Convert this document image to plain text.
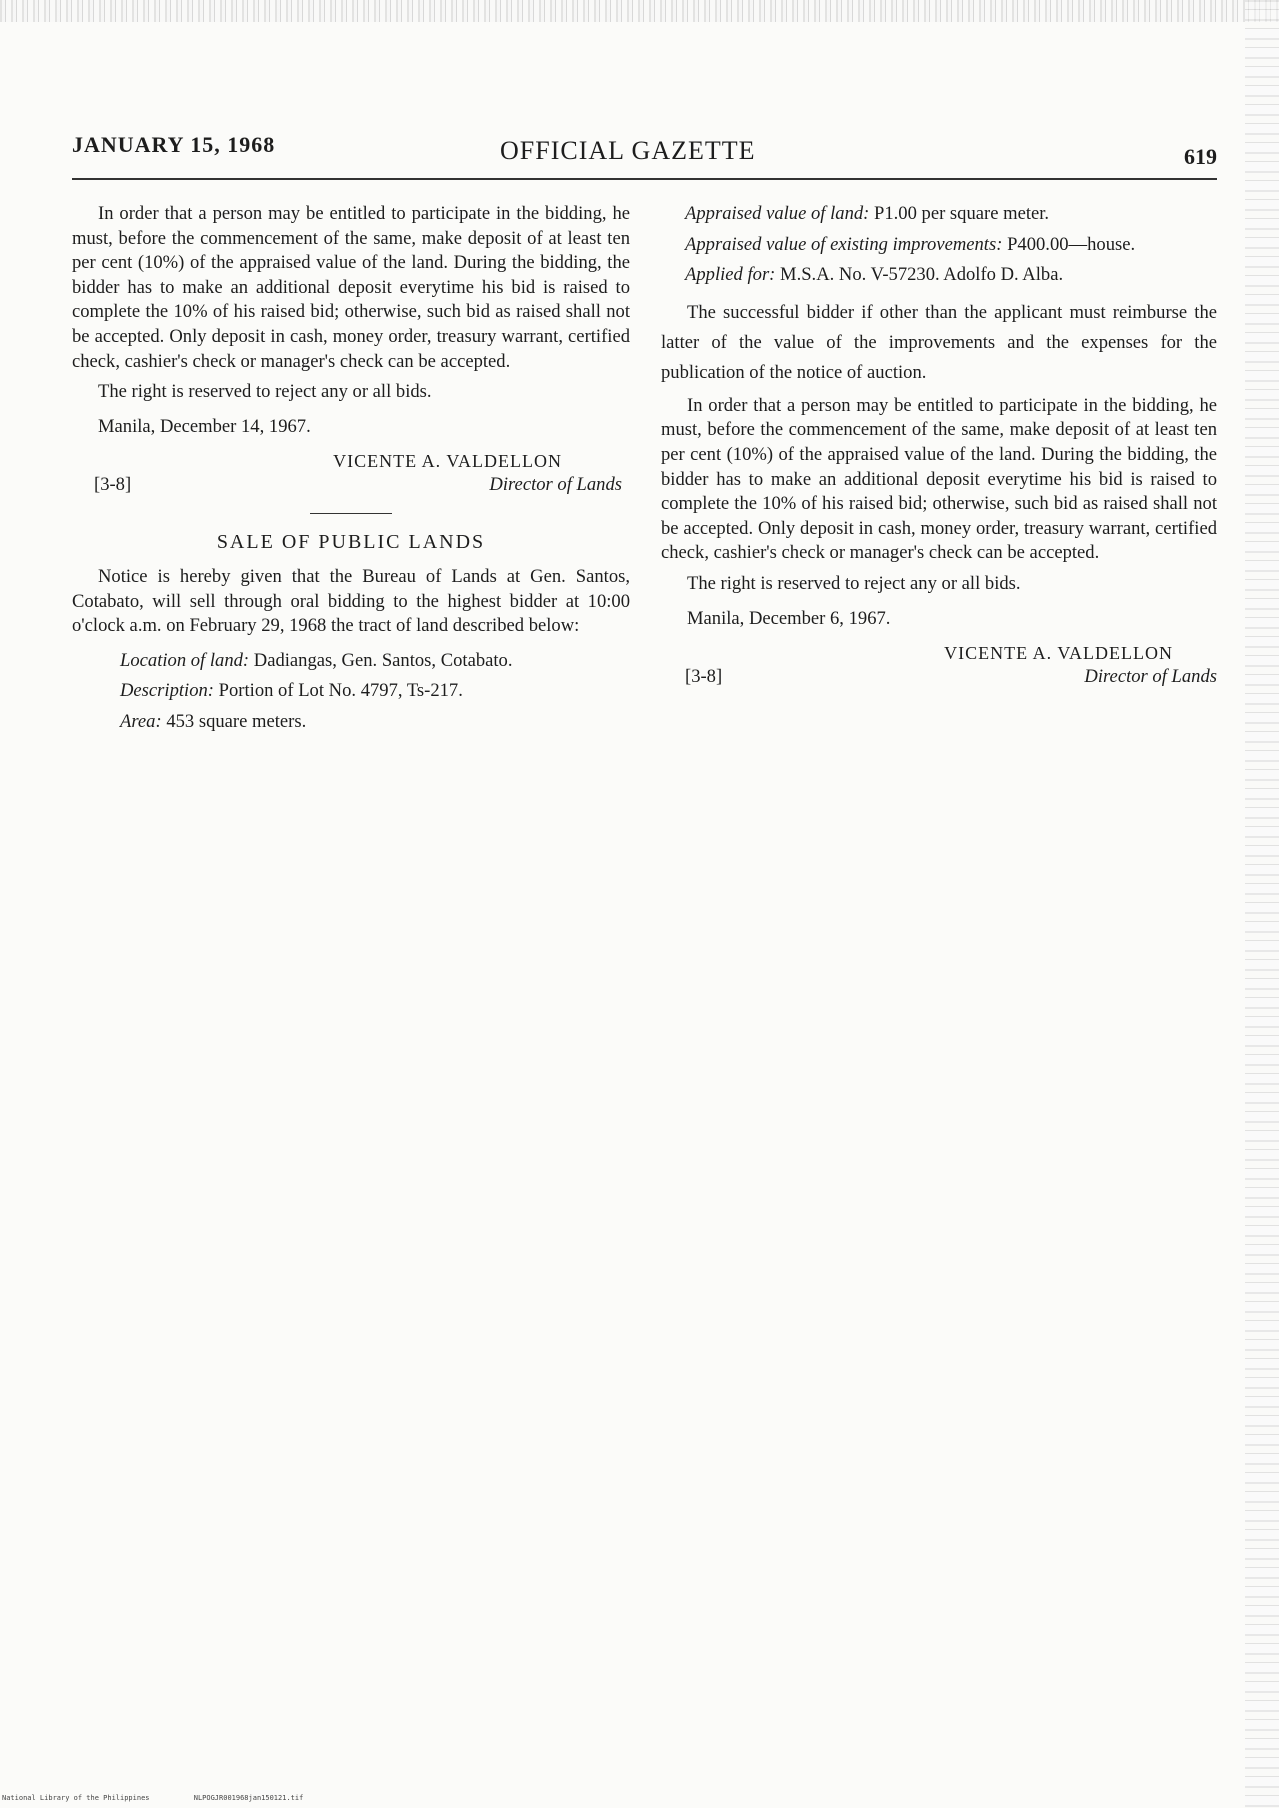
JANUARY 15, 1968	OFFICIAL GAZETTE	619

In order that a person may be entitled to participate in the bidding, he must, before the commencement of the same, make deposit of at least ten per cent (10%) of the appraised value of the land. During the bidding, the bidder has to make an additional deposit everytime his bid is raised to complete the 10% of his raised bid; otherwise, such bid as raised shall not be accepted. Only deposit in cash, money order, treasury warrant, certified check, cashier's check or manager's check can be accepted.

The right is reserved to reject any or all bids.

Manila, December 14, 1967.

VICENTE A. VALDELLON
[3-8]	Director of Lands
SALE OF PUBLIC LANDS

Notice is hereby given that the Bureau of Lands at Gen. Santos, Cotabato, will sell through oral bidding to the highest bidder at 10:00 o'clock a.m. on February 29, 1968 the tract of land described below:

Location of land: Dadiangas, Gen. Santos, Cotabato.
Description: Portion of Lot No. 4797, Ts-217.
Area: 453 square meters.
Appraised value of land: P1.00 per square meter.
Appraised value of existing improvements: P400.00—house.
Applied for: M.S.A. No. V-57230. Adolfo D. Alba.

The successful bidder if other than the applicant must reimburse the latter of the value of the improvements and the expenses for the publication of the notice of auction.

In order that a person may be entitled to participate in the bidding, he must, before the commencement of the same, make deposit of at least ten per cent (10%) of the appraised value of the land. During the bidding, the bidder has to make an additional deposit everytime his bid is raised to complete the 10% of his raised bid; otherwise, such bid as raised shall not be accepted. Only deposit in cash, money order, treasury warrant, certified check, cashier's check or manager's check can be accepted.

The right is reserved to reject any or all bids.

Manila, December 6, 1967.

VICENTE A. VALDELLON
[3-8]	Director of Lands
National Library of the Philippines	NLPOGJR001968jan150121.tif
